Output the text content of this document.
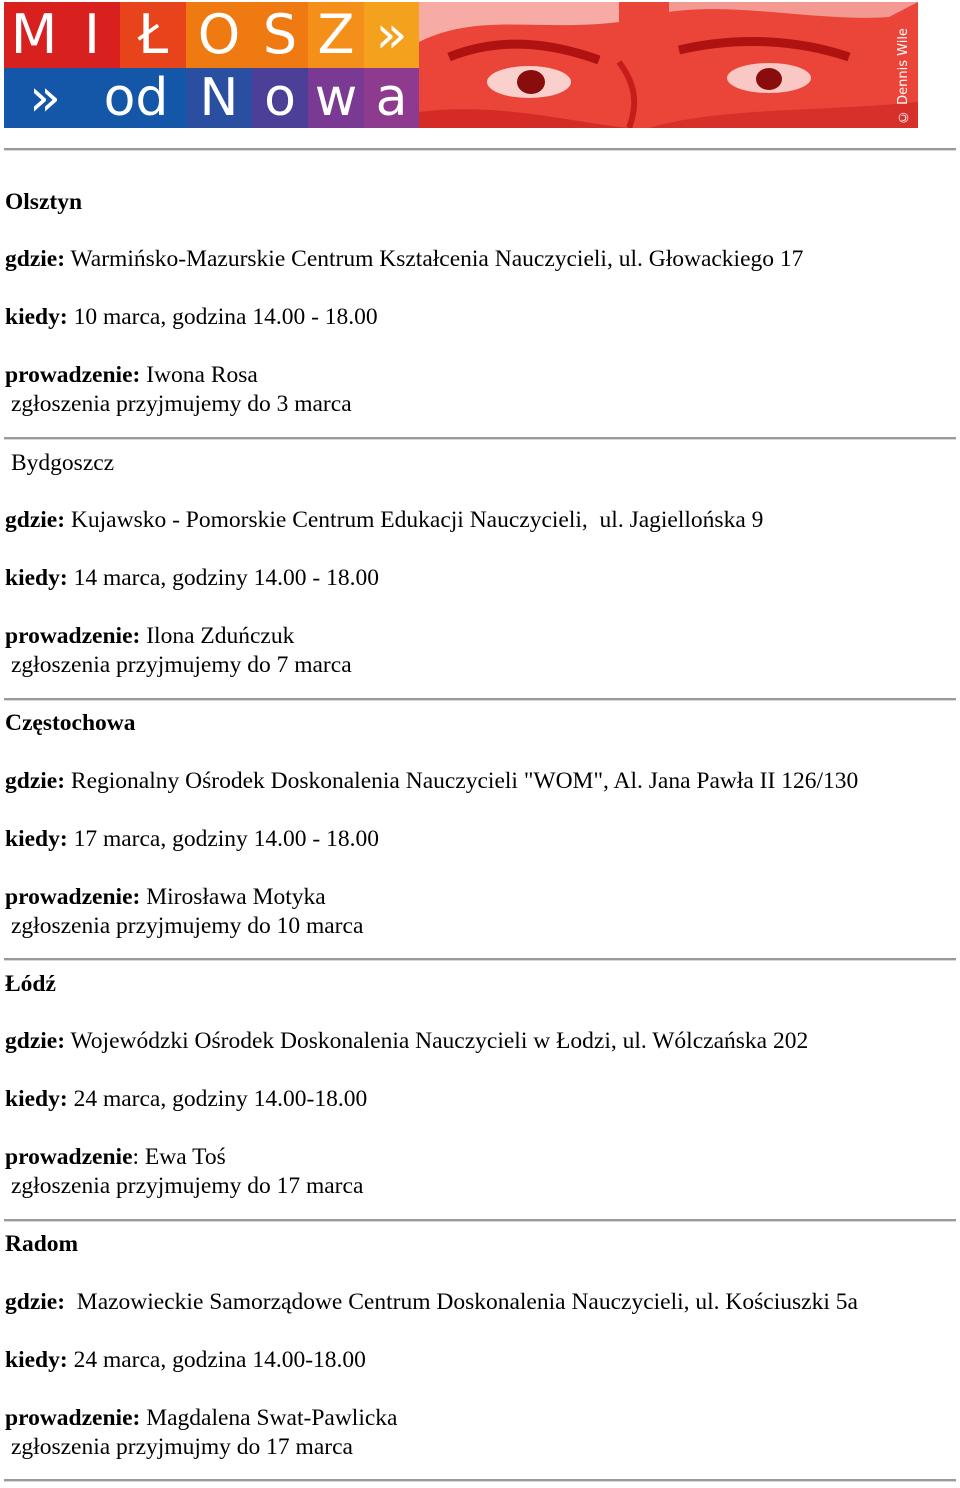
M I Ł O S Z »
» od N o w a	© Dennis Wile
Olsztyn
gdzie: Warmińsko-Mazurskie Centrum Kształcenia Nauczycieli, ul. Głowackiego 17
kiedy: 10 marca, godzina 14.00 - 18.00
prowadzenie: Iwona Rosa
zgłoszenia przyjmujemy do 3 marca
Bydgoszcz
gdzie: Kujawsko - Pomorskie Centrum Edukacji Nauczycieli,  ul. Jagiellońska 9
kiedy: 14 marca, godziny 14.00 - 18.00
prowadzenie: Ilona Zduńczuk
zgłoszenia przyjmujemy do 7 marca
Częstochowa
gdzie: Regionalny Ośrodek Doskonalenia Nauczycieli "WOM", Al. Jana Pawła II 126/130
kiedy: 17 marca, godziny 14.00 - 18.00
prowadzenie: Mirosława Motyka
zgłoszenia przyjmujemy do 10 marca
Łódź
gdzie: Wojewódzki Ośrodek Doskonalenia Nauczycieli w Łodzi, ul. Wólczańska 202
kiedy: 24 marca, godziny 14.00-18.00
prowadzenie: Ewa Toś
zgłoszenia przyjmujemy do 17 marca
Radom
gdzie:  Mazowieckie Samorządowe Centrum Doskonalenia Nauczycieli, ul. Kościuszki 5a
kiedy: 24 marca, godzina 14.00-18.00
prowadzenie: Magdalena Swat-Pawlicka
zgłoszenia przyjmujmy do 17 marca
